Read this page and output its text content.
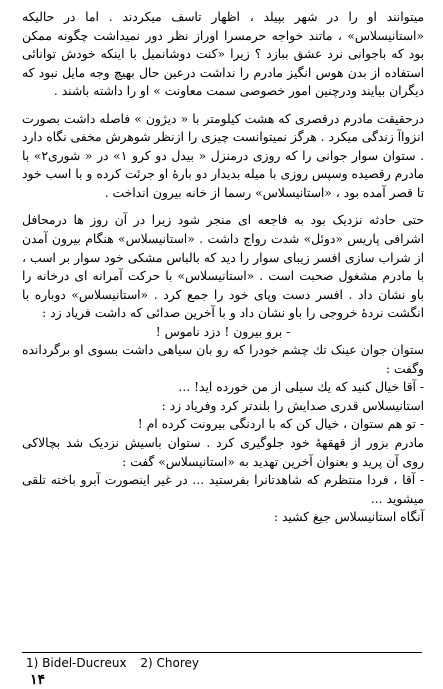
میتوانند او را در شهر بپیلد ، اظهار تاسف میکردند . اما در حالیکه «استانیسلاس» ، ماتند خواجه حرمسرا اوراز نظر دور نمیداشت چگونه ممکن بود که باجوانی نرد عشق ببازد ؟ زیرا «کنت دوشانمیل با اینکه خودش توانائی استفاده از بدن هوس انگیز مادرم را نداشت درعین حال بهیچ وجه مایل نبود که دیگران بیایند ودرچنین امور خصوصی سمت معاونت » او را داشته باشند .

درحقیقت مادرم درقصری که هشت کیلومتر با « دیژون » فاصله داشت بصورت انزواآ زندگی میکرد . هرگز نمیتوانست چیزی را ازنظر شوهرش مخفی نگاه دارد . ستوان سوار جوانی را که روزی درمنزل « بیدل دو کرو ۱» در « شوری۲» با مادرم رقصیده وسپس روزی با میله بدیدار دو بارهٔ او جرئت کرده و با اسب خود تا قصر آمده بود ، «استانیسلاس» رسما از خانه بیرون انداخت .

حتی حادثه نزدیک بود به فاجعه ای منجر شود زیرا در آن روز ها درمحافل اشرافی پاریس «دوئل» شدت رواج داشت . «استانیسلاس» هنگام بیرون آمدن از شراب سازی افسر زیبای سوار را دید که بالباس مشکی خود سوار بر اسب ، با مادرم مشغول صحبت است . «استانیسلاس» با حرکت آمرانه ای درخانه را باو نشان داد . افسر دست وپای خود را جمع کرد . «استانیسلاس» دوباره با انگشت نردهٔ خروجی را باو نشان داد و با آخرین صدائی که داشت فریاد زد :

- برو بیرون ! دزد ناموس !

ستوان جوان عینک تك چشم خودرا که رو بان سیاهی داشت بسوی او برگردانده وگفت :

- آقا خیال کنید که یك سیلی از من خورده اید! ...

استانیسلاس قدری صدایش را بلندتر کرد وفریاد زد :

- تو هم ستوان ، خیال کن که با اردنگی بیرونت کرده ام !

مادرم بزور از قهقههٔ خود جلوگیری کرد . ستوان باسیش نزدیک شد بچالاکی روی آن پرید و بعنوان آخرین تهدید به «استانیسلاس» گفت :

- آقا ، فردا منتظرم که شاهدتانرا بفرستید ... در غیر اینصورت آبرو باخته تلقی میشوید ...

آنگاه استانیسلاس جیغ کشید :

1) Bidel-Ducreux 2) Chorey
۱۴
